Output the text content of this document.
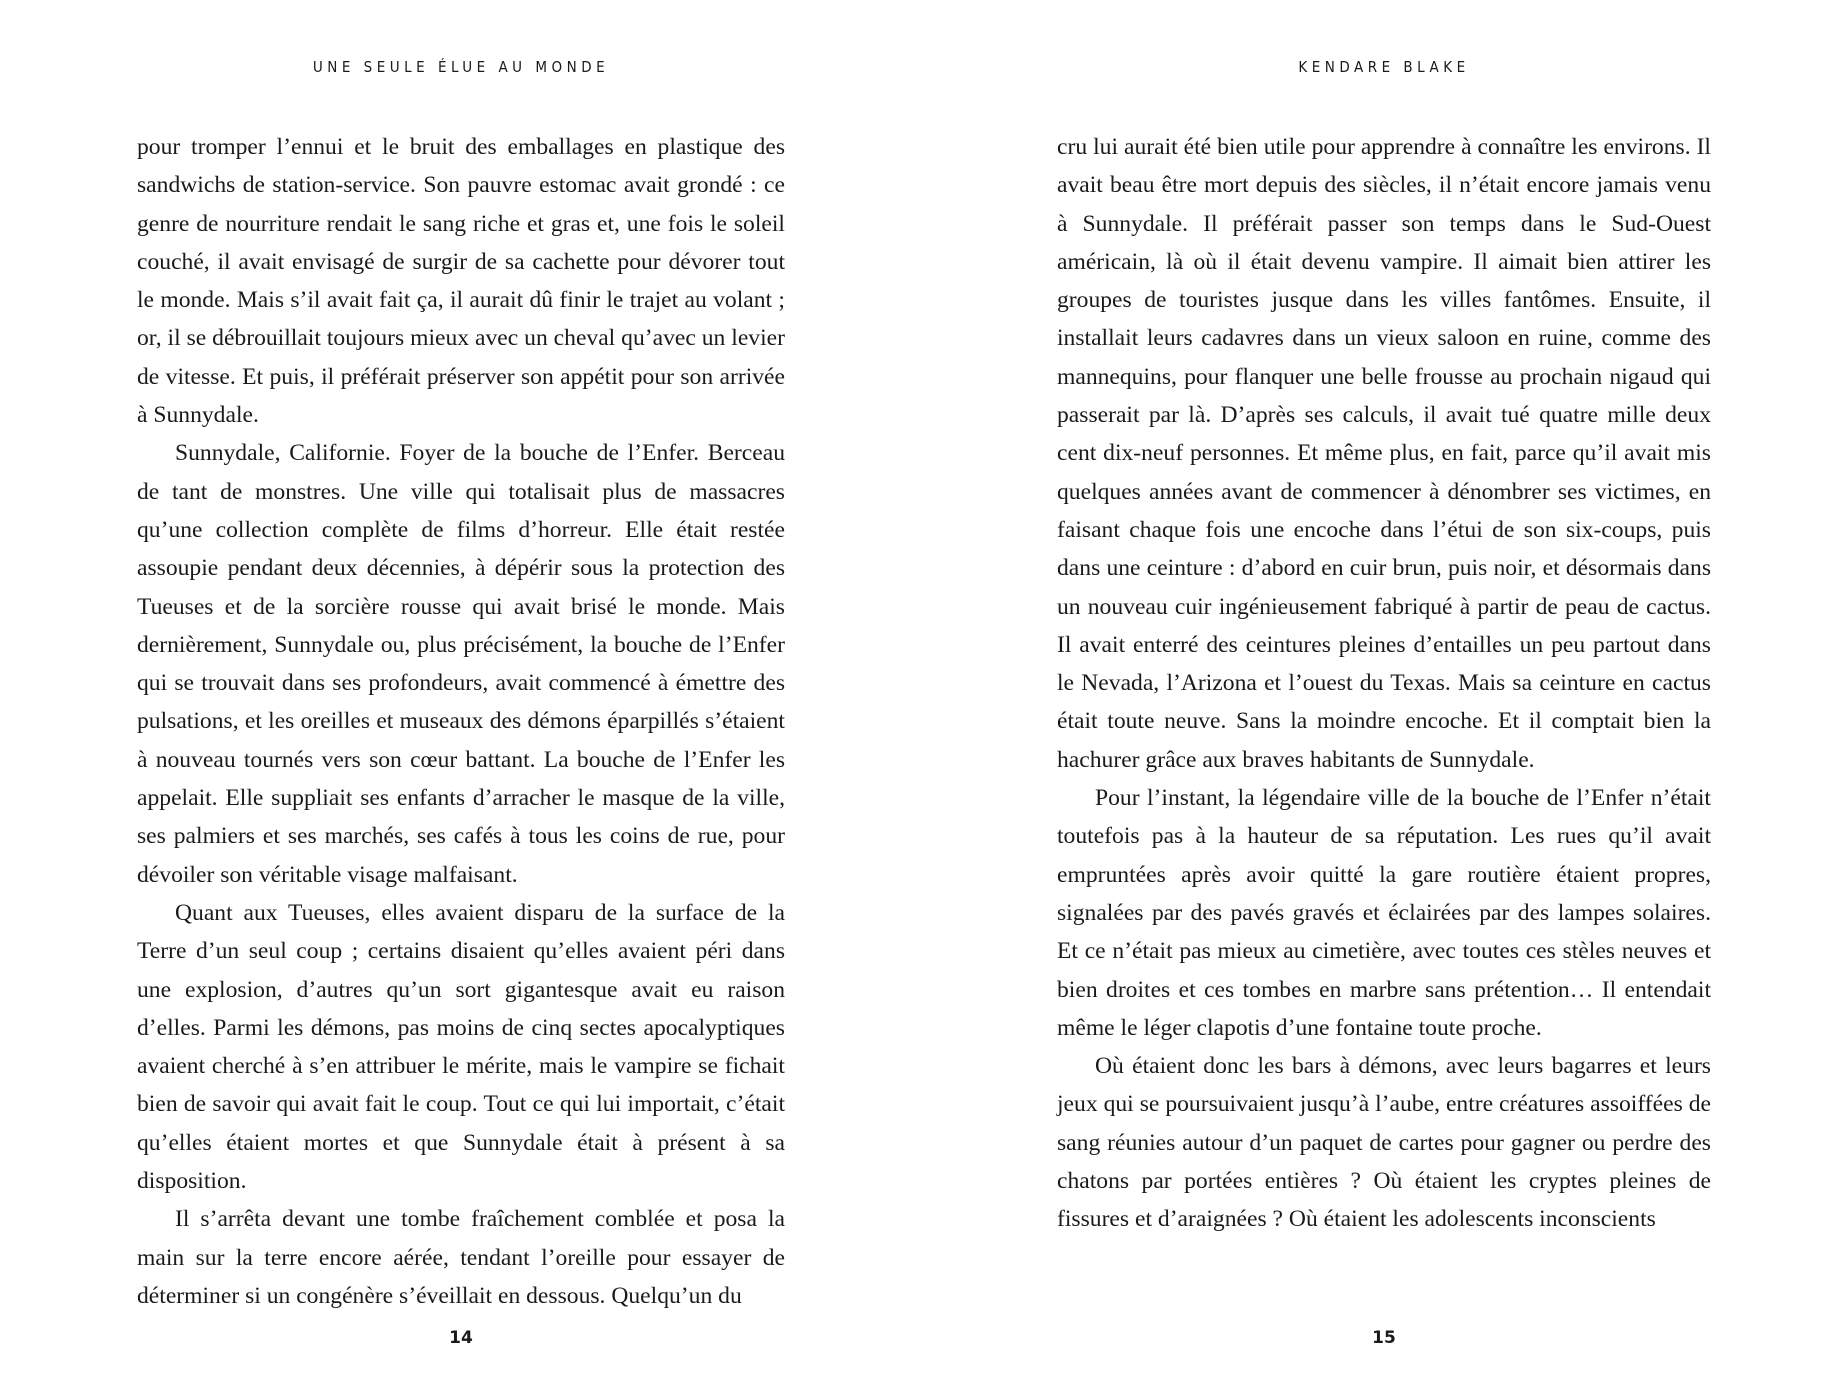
UNE SEULE ÉLUE AU MONDE

pour tromper l’ennui et le bruit des emballages en plastique des sandwichs de station-service. Son pauvre estomac avait grondé : ce genre de nourriture rendait le sang riche et gras et, une fois le soleil couché, il avait envisagé de surgir de sa cachette pour dévorer tout le monde. Mais s’il avait fait ça, il aurait dû finir le trajet au volant ; or, il se débrouillait toujours mieux avec un cheval qu’avec un levier de vitesse. Et puis, il préférait préserver son appétit pour son arrivée à Sunnydale.

Sunnydale, Californie. Foyer de la bouche de l’Enfer. Berceau de tant de monstres. Une ville qui totalisait plus de massacres qu’une collection complète de films d’horreur. Elle était restée assoupie pendant deux décennies, à dépérir sous la protection des Tueuses et de la sorcière rousse qui avait brisé le monde. Mais dernièrement, Sunnydale ou, plus précisément, la bouche de l’Enfer qui se trouvait dans ses profondeurs, avait commencé à émettre des pulsations, et les oreilles et museaux des démons éparpillés s’étaient à nouveau tournés vers son cœur battant. La bouche de l’Enfer les appelait. Elle suppliait ses enfants d’arracher le masque de la ville, ses palmiers et ses marchés, ses cafés à tous les coins de rue, pour dévoiler son véritable visage malfaisant.

Quant aux Tueuses, elles avaient disparu de la surface de la Terre d’un seul coup ; certains disaient qu’elles avaient péri dans une explosion, d’autres qu’un sort gigantesque avait eu raison d’elles. Parmi les démons, pas moins de cinq sectes apocalyptiques avaient cherché à s’en attribuer le mérite, mais le vampire se fichait bien de savoir qui avait fait le coup. Tout ce qui lui importait, c’était qu’elles étaient mortes et que Sunnydale était à présent à sa disposition.

Il s’arrêta devant une tombe fraîchement comblée et posa la main sur la terre encore aérée, tendant l’oreille pour essayer de déterminer si un congénère s’éveillait en dessous. Quelqu’un du

14
KENDARE BLAKE

cru lui aurait été bien utile pour apprendre à connaître les environs. Il avait beau être mort depuis des siècles, il n’était encore jamais venu à Sunnydale. Il préférait passer son temps dans le Sud-Ouest américain, là où il était devenu vampire. Il aimait bien attirer les groupes de touristes jusque dans les villes fantômes. Ensuite, il installait leurs cadavres dans un vieux saloon en ruine, comme des mannequins, pour flanquer une belle frousse au prochain nigaud qui passerait par là. D’après ses calculs, il avait tué quatre mille deux cent dix-neuf personnes. Et même plus, en fait, parce qu’il avait mis quelques années avant de commencer à dénombrer ses victimes, en faisant chaque fois une encoche dans l’étui de son six-coups, puis dans une ceinture : d’abord en cuir brun, puis noir, et désormais dans un nouveau cuir ingénieusement fabriqué à partir de peau de cactus. Il avait enterré des ceintures pleines d’entailles un peu partout dans le Nevada, l’Arizona et l’ouest du Texas. Mais sa ceinture en cactus était toute neuve. Sans la moindre encoche. Et il comptait bien la hachurer grâce aux braves habitants de Sunnydale.

Pour l’instant, la légendaire ville de la bouche de l’Enfer n’était toutefois pas à la hauteur de sa réputation. Les rues qu’il avait empruntées après avoir quitté la gare routière étaient propres, signalées par des pavés gravés et éclairées par des lampes solaires. Et ce n’était pas mieux au cimetière, avec toutes ces stèles neuves et bien droites et ces tombes en marbre sans prétention… Il entendait même le léger clapotis d’une fontaine toute proche.

Où étaient donc les bars à démons, avec leurs bagarres et leurs jeux qui se poursuivaient jusqu’à l’aube, entre créatures assoiffées de sang réunies autour d’un paquet de cartes pour gagner ou perdre des chatons par portées entières ? Où étaient les cryptes pleines de fissures et d’araignées ? Où étaient les adolescents inconscients

15
